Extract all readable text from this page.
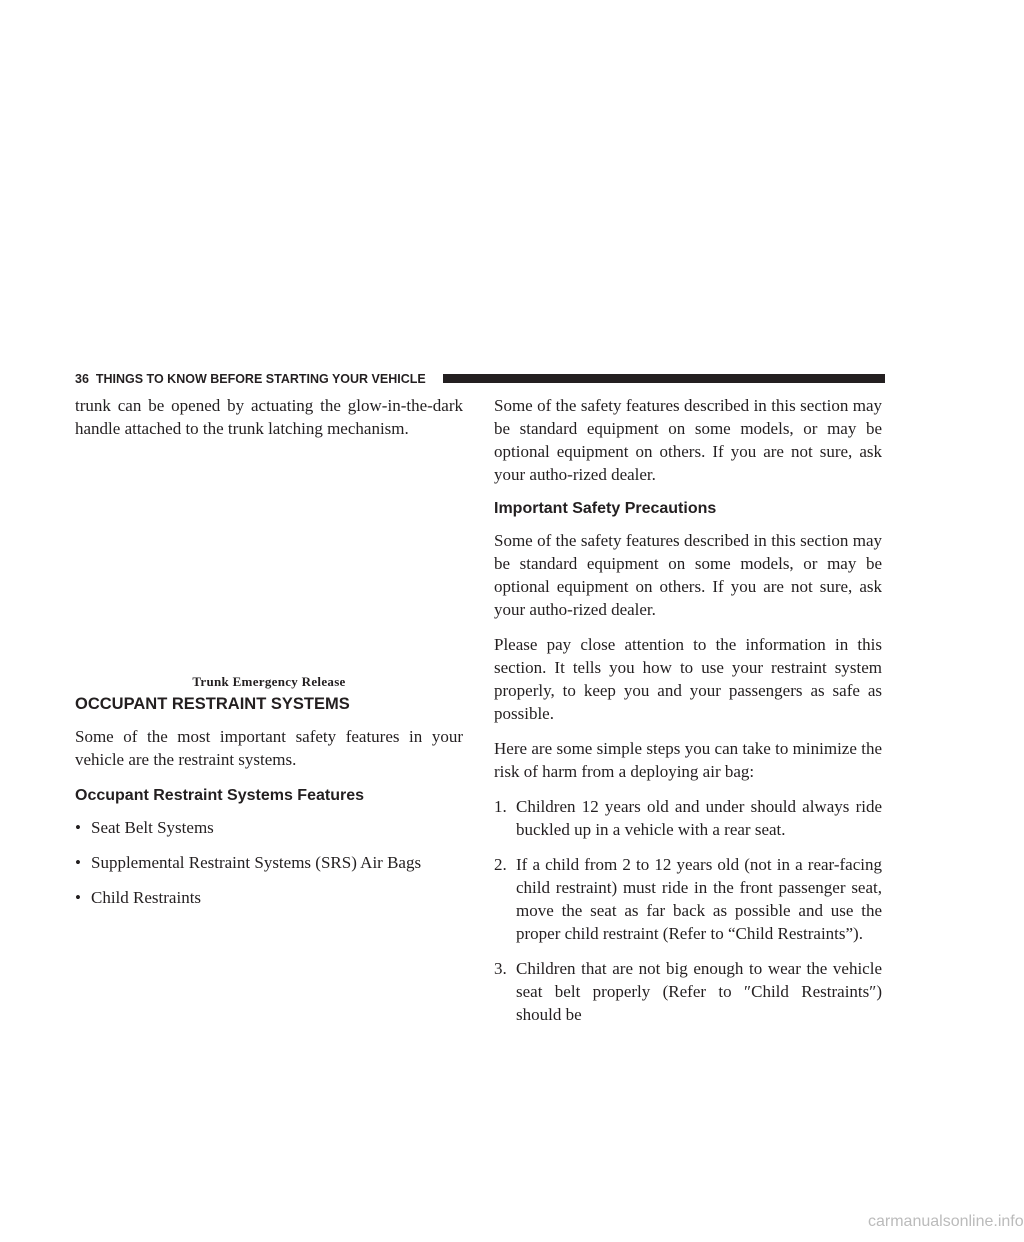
36 THINGS TO KNOW BEFORE STARTING YOUR VEHICLE

trunk can be opened by actuating the glow-in-the-dark handle attached to the trunk latching mechanism.

Trunk Emergency Release
OCCUPANT RESTRAINT SYSTEMS

Some of the most important safety features in your vehicle are the restraint systems.

Occupant Restraint Systems Features
• Seat Belt Systems
• Supplemental Restraint Systems (SRS) Air Bags
• Child Restraints

Some of the safety features described in this section may be standard equipment on some models, or may be optional equipment on others. If you are not sure, ask your autho-rized dealer.

Important Safety Precautions

Some of the safety features described in this section may be standard equipment on some models, or may be optional equipment on others. If you are not sure, ask your autho-rized dealer.

Please pay close attention to the information in this section. It tells you how to use your restraint system properly, to keep you and your passengers as safe as possible.

Here are some simple steps you can take to minimize the risk of harm from a deploying air bag:

1. Children 12 years old and under should always ride buckled up in a vehicle with a rear seat.
2. If a child from 2 to 12 years old (not in a rear-facing child restraint) must ride in the front passenger seat, move the seat as far back as possible and use the proper child restraint (Refer to “Child Restraints”).
3. Children that are not big enough to wear the vehicle seat belt properly (Refer to ″Child Restraints″) should be
carmanualsonline.info
